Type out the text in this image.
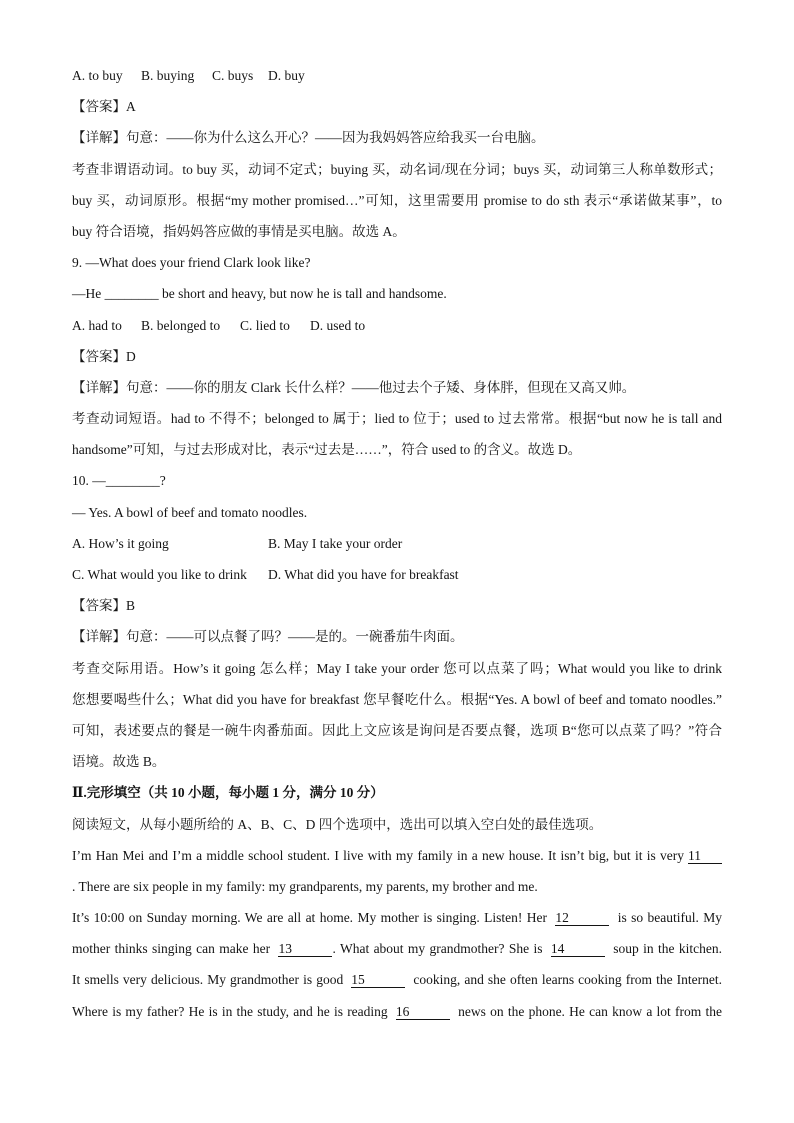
A. to buy B. buying C. buys D. buy
【答案】A
【详解】句意：——你为什么这么开心？——因为我妈妈答应给我买一台电脑。
考查非谓语动词。to buy 买，动词不定式；buying 买，动名词/现在分词；buys 买，动词第三人称单数形式；
buy 买，动词原形。根据“my mother promised…”可知，这里需要用 promise to do sth 表示“承诺做某事”，to
buy 符合语境，指妈妈答应做的事情是买电脑。故选 A。
9. —What does your friend Clark look like?
—He ________ be short and heavy, but now he is tall and handsome.
A. had to B. belonged to C. lied to D. used to
【答案】D
【详解】句意：——你的朋友 Clark 长什么样？——他过去个子矮、身体胖，但现在又高又帅。
考查动词短语。had to 不得不；belonged to 属于；lied to 位于；used to 过去常常。根据“but now he is tall and
handsome”可知，与过去形成对比，表示“过去是……”，符合 used to 的含义。故选 D。
10. —________?
— Yes. A bowl of beef and tomato noodles.
A. How’s it going	B. May I take your order
C. What would you like to drink D. What did you have for breakfast
【答案】B
【详解】句意：——可以点餐了吗？——是的。一碗番茄牛肉面。
考查交际用语。How’s it going 怎么样；May I take your order 您可以点菜了吗；What would you like to drink
您想要喝些什么；What did you have for breakfast 您早餐吃什么。根据“Yes. A bowl of beef and tomato noodles.”
可知，表述要点的餐是一碗牛肉番茄面。因此上文应该是询问是否要点餐，选项 B“您可以点菜了吗？”符合
语境。故选 B。
Ⅱ.完形填空（共 10 小题，每小题 1 分，满分 10 分）
阅读短文，从每小题所给的 A、B、C、D 四个选项中，选出可以填入空白处的最佳选项。
I’m Han Mei and I’m a middle school student. I live with my family in a new house. It isn’t big, but it is very 11
. There are six people in my family: my grandparents, my parents, my brother and me.
It’s 10:00 on Sunday morning. We are all at home. My mother is singing. Listen! Her 12	is so beautiful. My
mother thinks singing can make her 13	. What about my grandmother? She is 14	soup in the kitchen.
It smells very delicious. My grandmother is good 15	cooking, and she often learns cooking from the Internet.
Where is my father? He is in the study, and he is reading 16	news on the phone. He can know a lot from the
